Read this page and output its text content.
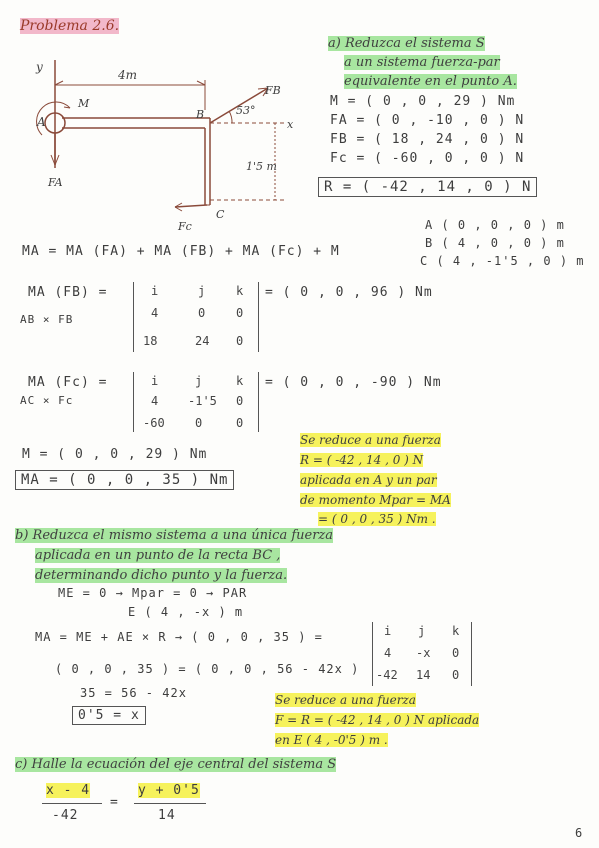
Problema 2.6.
y
4m
M
A
B	53°
FB
x
1'5 m
FA
C
Fc
a) Reduzca el sistema S
a un sistema fuerza-par
equivalente en el punto A.
M = ( 0 , 0 , 29 ) Nm
FA = ( 0 , -10 , 0 ) N
FB = ( 18 , 24 , 0 ) N
Fc = ( -60 , 0 , 0 ) N
R = ( -42 , 14 , 0 ) N
A ( 0 , 0 , 0 ) m
B ( 4 , 0 , 0 ) m
C ( 4 , -1'5 , 0 ) m
MA = MA (FA) + MA (FB) + MA (Fc) + M
MA (FB) =
AB × FB
i	j	k
4	0	0
18	24 0
= ( 0 , 0 , 96 ) Nm
MA (Fc) =
AC × Fc
i	j	k
4 -1'5 0
-60	0	0
= ( 0 , 0 , -90 ) Nm
M = ( 0 , 0 , 29 ) Nm
MA = ( 0 , 0 , 35 ) Nm
Se reduce a una fuerza
R = ( -42 , 14 , 0 ) N
aplicada en A y un par
de momento Mpar = MA
= ( 0 , 0 , 35 ) Nm .
b) Reduzca el mismo sistema a una única fuerza
aplicada en un punto de la recta BC ,
determinando dicho punto y la fuerza.
ME = 0 → Mpar = 0 → PAR
E ( 4 , -x ) m
MA = ME + AE × R → ( 0 , 0 , 35 ) =	i j k
4 -x 0
-42 14 0
( 0 , 0 , 35 ) = ( 0 , 0 , 56 - 42x )
35 = 56 - 42x
0'5 = x
Se reduce a una fuerza
F = R = ( -42 , 14 , 0 ) N aplicada
en E ( 4 , -0'5 ) m .
c) Halle la ecuación del eje central del sistema S
x - 4
-42
=
y + 0'5
14
6
